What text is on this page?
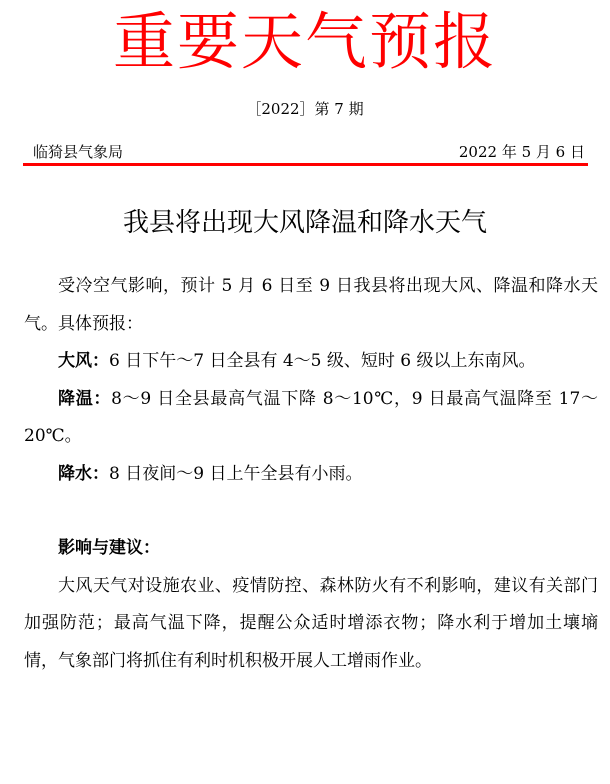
重要天气预报
［2022］第 7 期
临猗县气象局	2022 年 5 月 6 日
我县将出现大风降温和降水天气

受冷空气影响，预计 5 月 6 日至 9 日我县将出现大风、降温和降水天气。具体预报：

大风：6 日下午～7 日全县有 4～5 级、短时 6 级以上东南风。

降温：8～9 日全县最高气温下降 8～10℃，9 日最高气温降至 17～20℃。

降水：8 日夜间～9 日上午全县有小雨。

影响与建议：

大风天气对设施农业、疫情防控、森林防火有不利影响，建议有关部门加强防范；最高气温下降，提醒公众适时增添衣物；降水利于增加土壤墒情，气象部门将抓住有利时机积极开展人工增雨作业。
